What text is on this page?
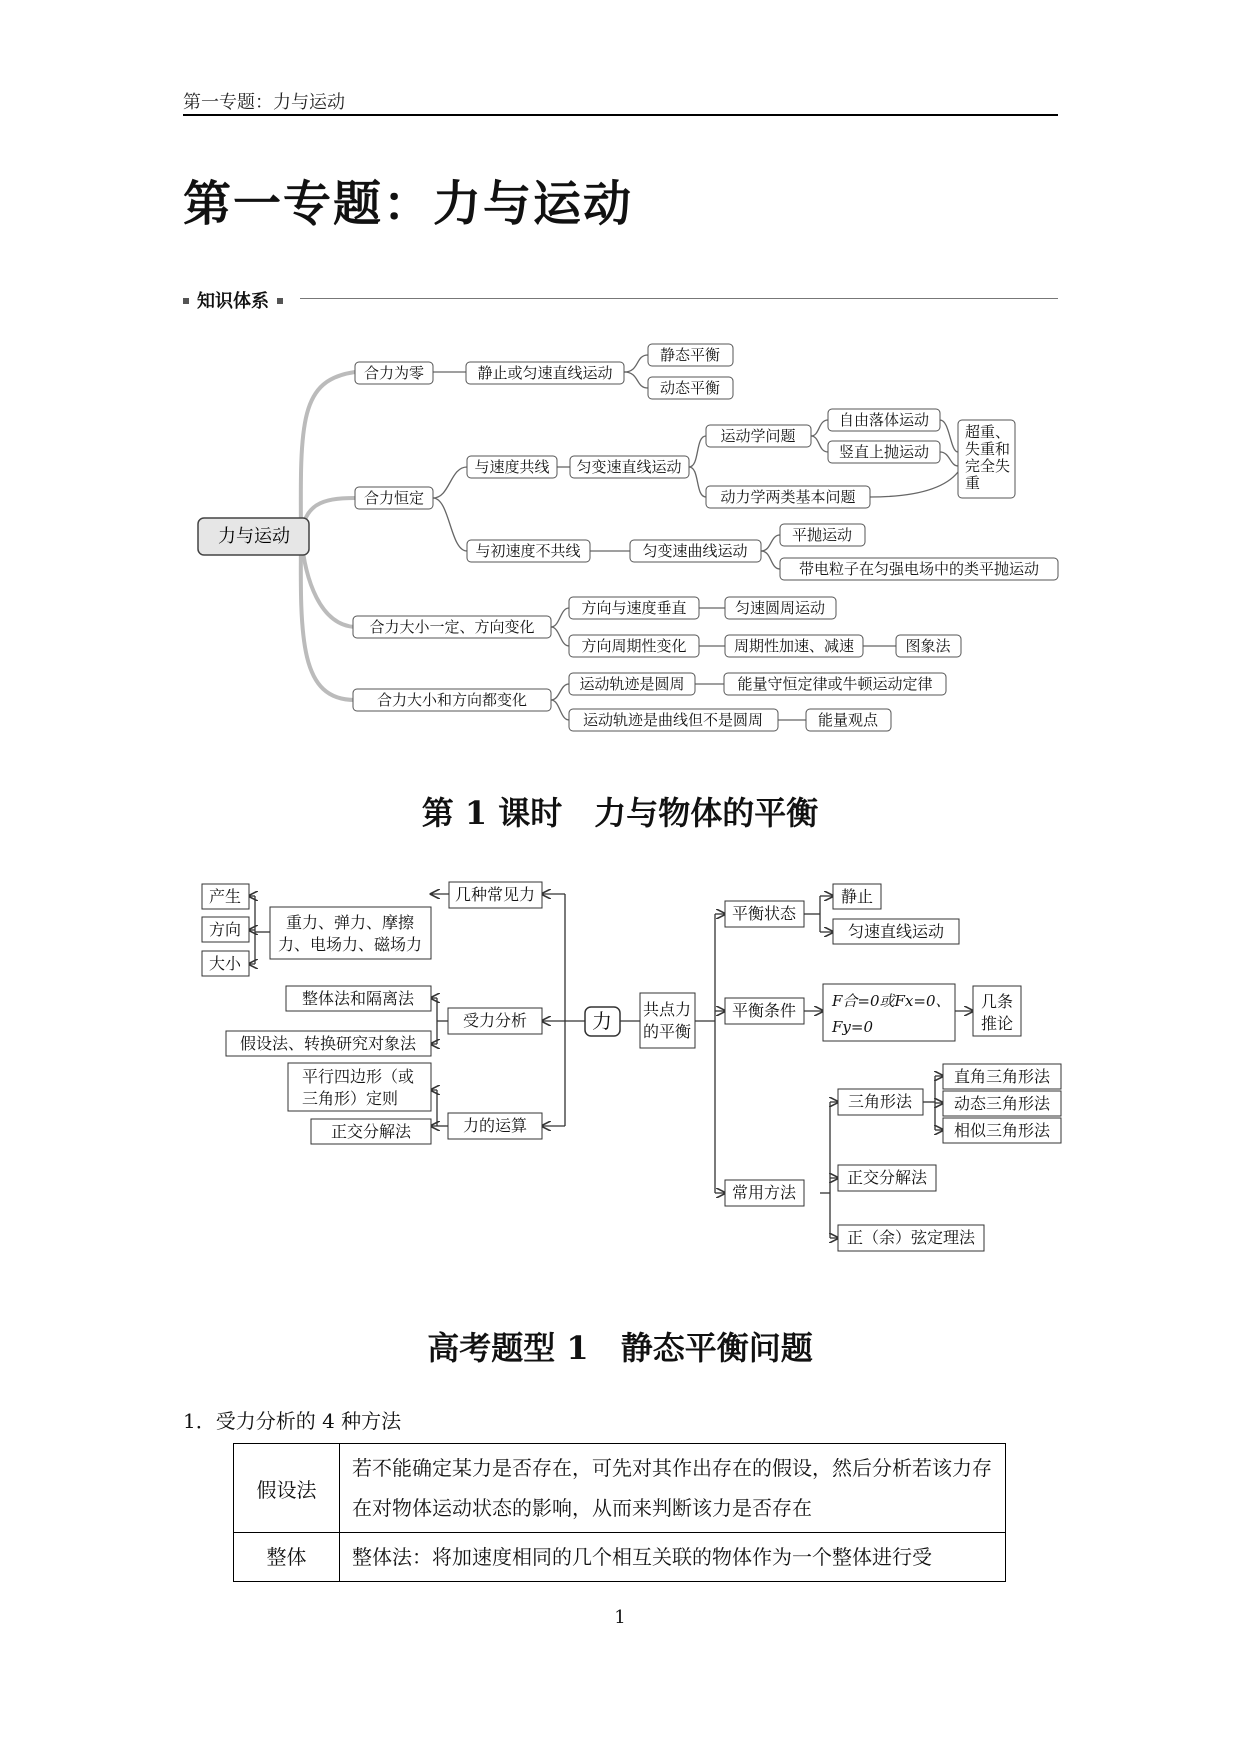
第一专题：力与运动
第一专题：力与运动
知识体系
力与运动
合力为零	静止或匀速直线运动
静态平衡
动态平衡
合力恒定
与速度共线 匀变速直线运动
运动学问题
动力学两类基本问题
自由落体运动
竖直上抛运动
超重、
失重和
完全失
重
与初速度不共线	匀变速曲线运动
平抛运动
带电粒子在匀强电场中的类平抛运动
合力大小一定、方向变化
方向与速度垂直	匀速圆周运动
方向周期性变化	周期性加速、减速	图象法
合力大小和方向都变化
运动轨迹是圆周	能量守恒定律或牛顿运动定律
运动轨迹是曲线但不是圆周	能量观点
第 1 课时　力与物体的平衡
力
几种常见力
重力、弹力、摩擦
力、电场力、磁场力
产生
方向
大小
受力分析
整体法和隔离法
假设法、转换研究对象法
力的运算
平行四边形（或
三角形）定则
正交分解法
共点力
的平衡
平衡状态
静止
匀速直线运动
平衡条件 F合=0或Fx=0、
Fy=0
几条
推论
常用方法
三角形法
直角三角形法
动态三角形法
相似三角形法
正交分解法
正（余）弦定理法
高考题型 1　静态平衡问题
1．受力分析的 4 种方法
假设法	若不能确定某力是否存在，可先对其作出存在的假设，然后分析若该力存在对物体运动状态的影响，从而来判断该力是否存在
整体	整体法：将加速度相同的几个相互关联的物体作为一个整体进行受
1
